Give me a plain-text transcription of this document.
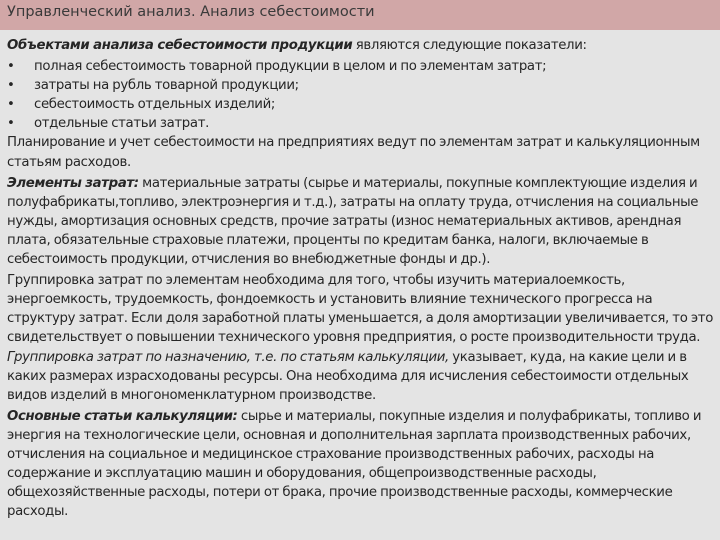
Управленческий анализ. Анализ себестоимости
Объектами анализа себестоимости продукции являются следующие показатели:
•	полная себестоимость товарной продукции в целом и по элементам затрат;
•	затраты на рубль товарной продукции;
•	себестоимость отдельных изделий;
•	отдельные статьи затрат.
Планирование и учет себестоимости на предприятиях ведут по элементам затрат и калькуляционным статьям расходов.
Элементы затрат: материальные затраты (сырье и материалы, покупные комплектующие изделия и полуфабрикаты,топливо, электроэнергия и т.д.), затраты на оплату труда, отчисления на социальные нужды, амортизация основных средств, прочие затраты (износ нематериальных активов, арендная плата, обязательные страховые платежи, проценты по кредитам банка, налоги, включаемые в себестоимость продукции, отчисления во внебюджетные фонды и др.).
Группировка затрат по элементам необходима для того, чтобы изучить материалоемкость, энергоемкость, трудоемкость, фондоемкость и установить влияние технического прогресса на структуру затрат. Если доля заработной платы уменьшается, а доля амортизации увеличивается, то это свидетельствует о повышении технического уровня предприятия, о росте производительности труда. Группировка затрат по назначению, т.е. по статьям калькуляции, указывает, куда, на какие цели и в каких размерах израсходованы ресурсы. Она необходима для исчисления себестоимости отдельных видов изделий в многономенклатурном производстве.
Основные статьи калькуляции: сырье и материалы, покупные изделия и полуфабрикаты, топливо и энергия на технологические цели, основная и дополнительная зарплата производственных рабочих, отчисления на социальное и медицинское страхование производственных рабочих, расходы на содержание и эксплуатацию машин и оборудования, общепроизводственные расходы, общехозяйственные расходы, потери от брака, прочие производственные расходы, коммерческие расходы.
